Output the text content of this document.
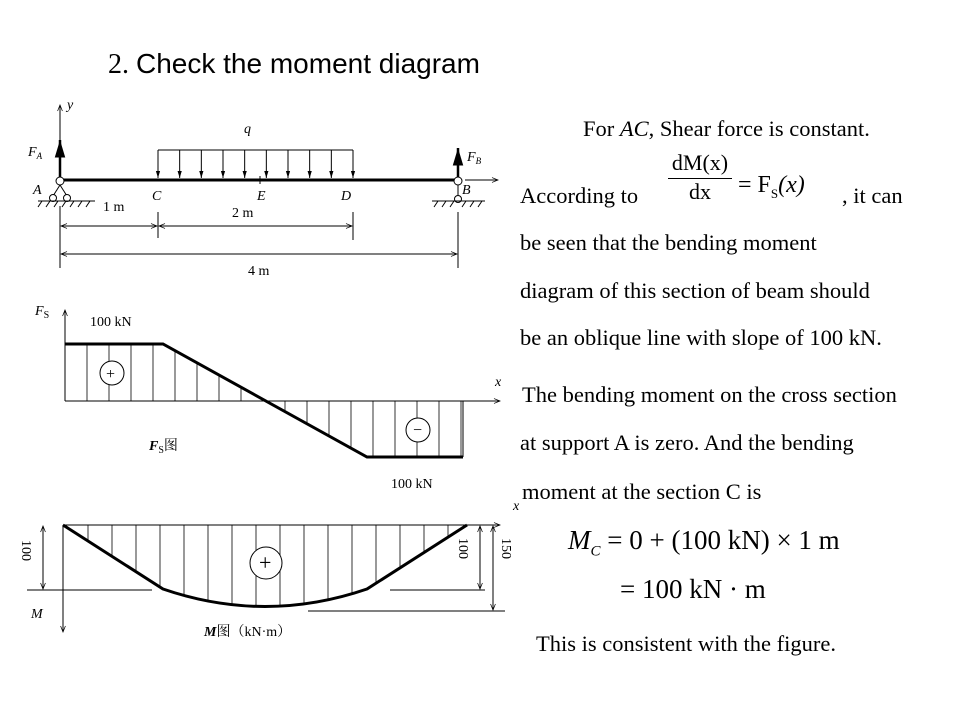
2. Check the moment diagram
y
q
$F_A$	$F_B$
A	B
C	E	D
1 m	2 m
4 m
+
−
$F_S$
x
100 kN
100 kN
$F_S$图
+
x
M
100	100 150
M图（kN·m）
For AC, Shear force is constant.
According to $\frac{dM(x)}{dx} = F_S(x)$ , it can
be seen that the bending moment
diagram of this section of beam should
be an oblique line with slope of 100 kN.
The bending moment on the cross section
at support A is zero. And the bending
moment at the section C is
$M_C = 0 + (100$ kN) × 1 m
= 100 kN · m
This is consistent with the figure.
